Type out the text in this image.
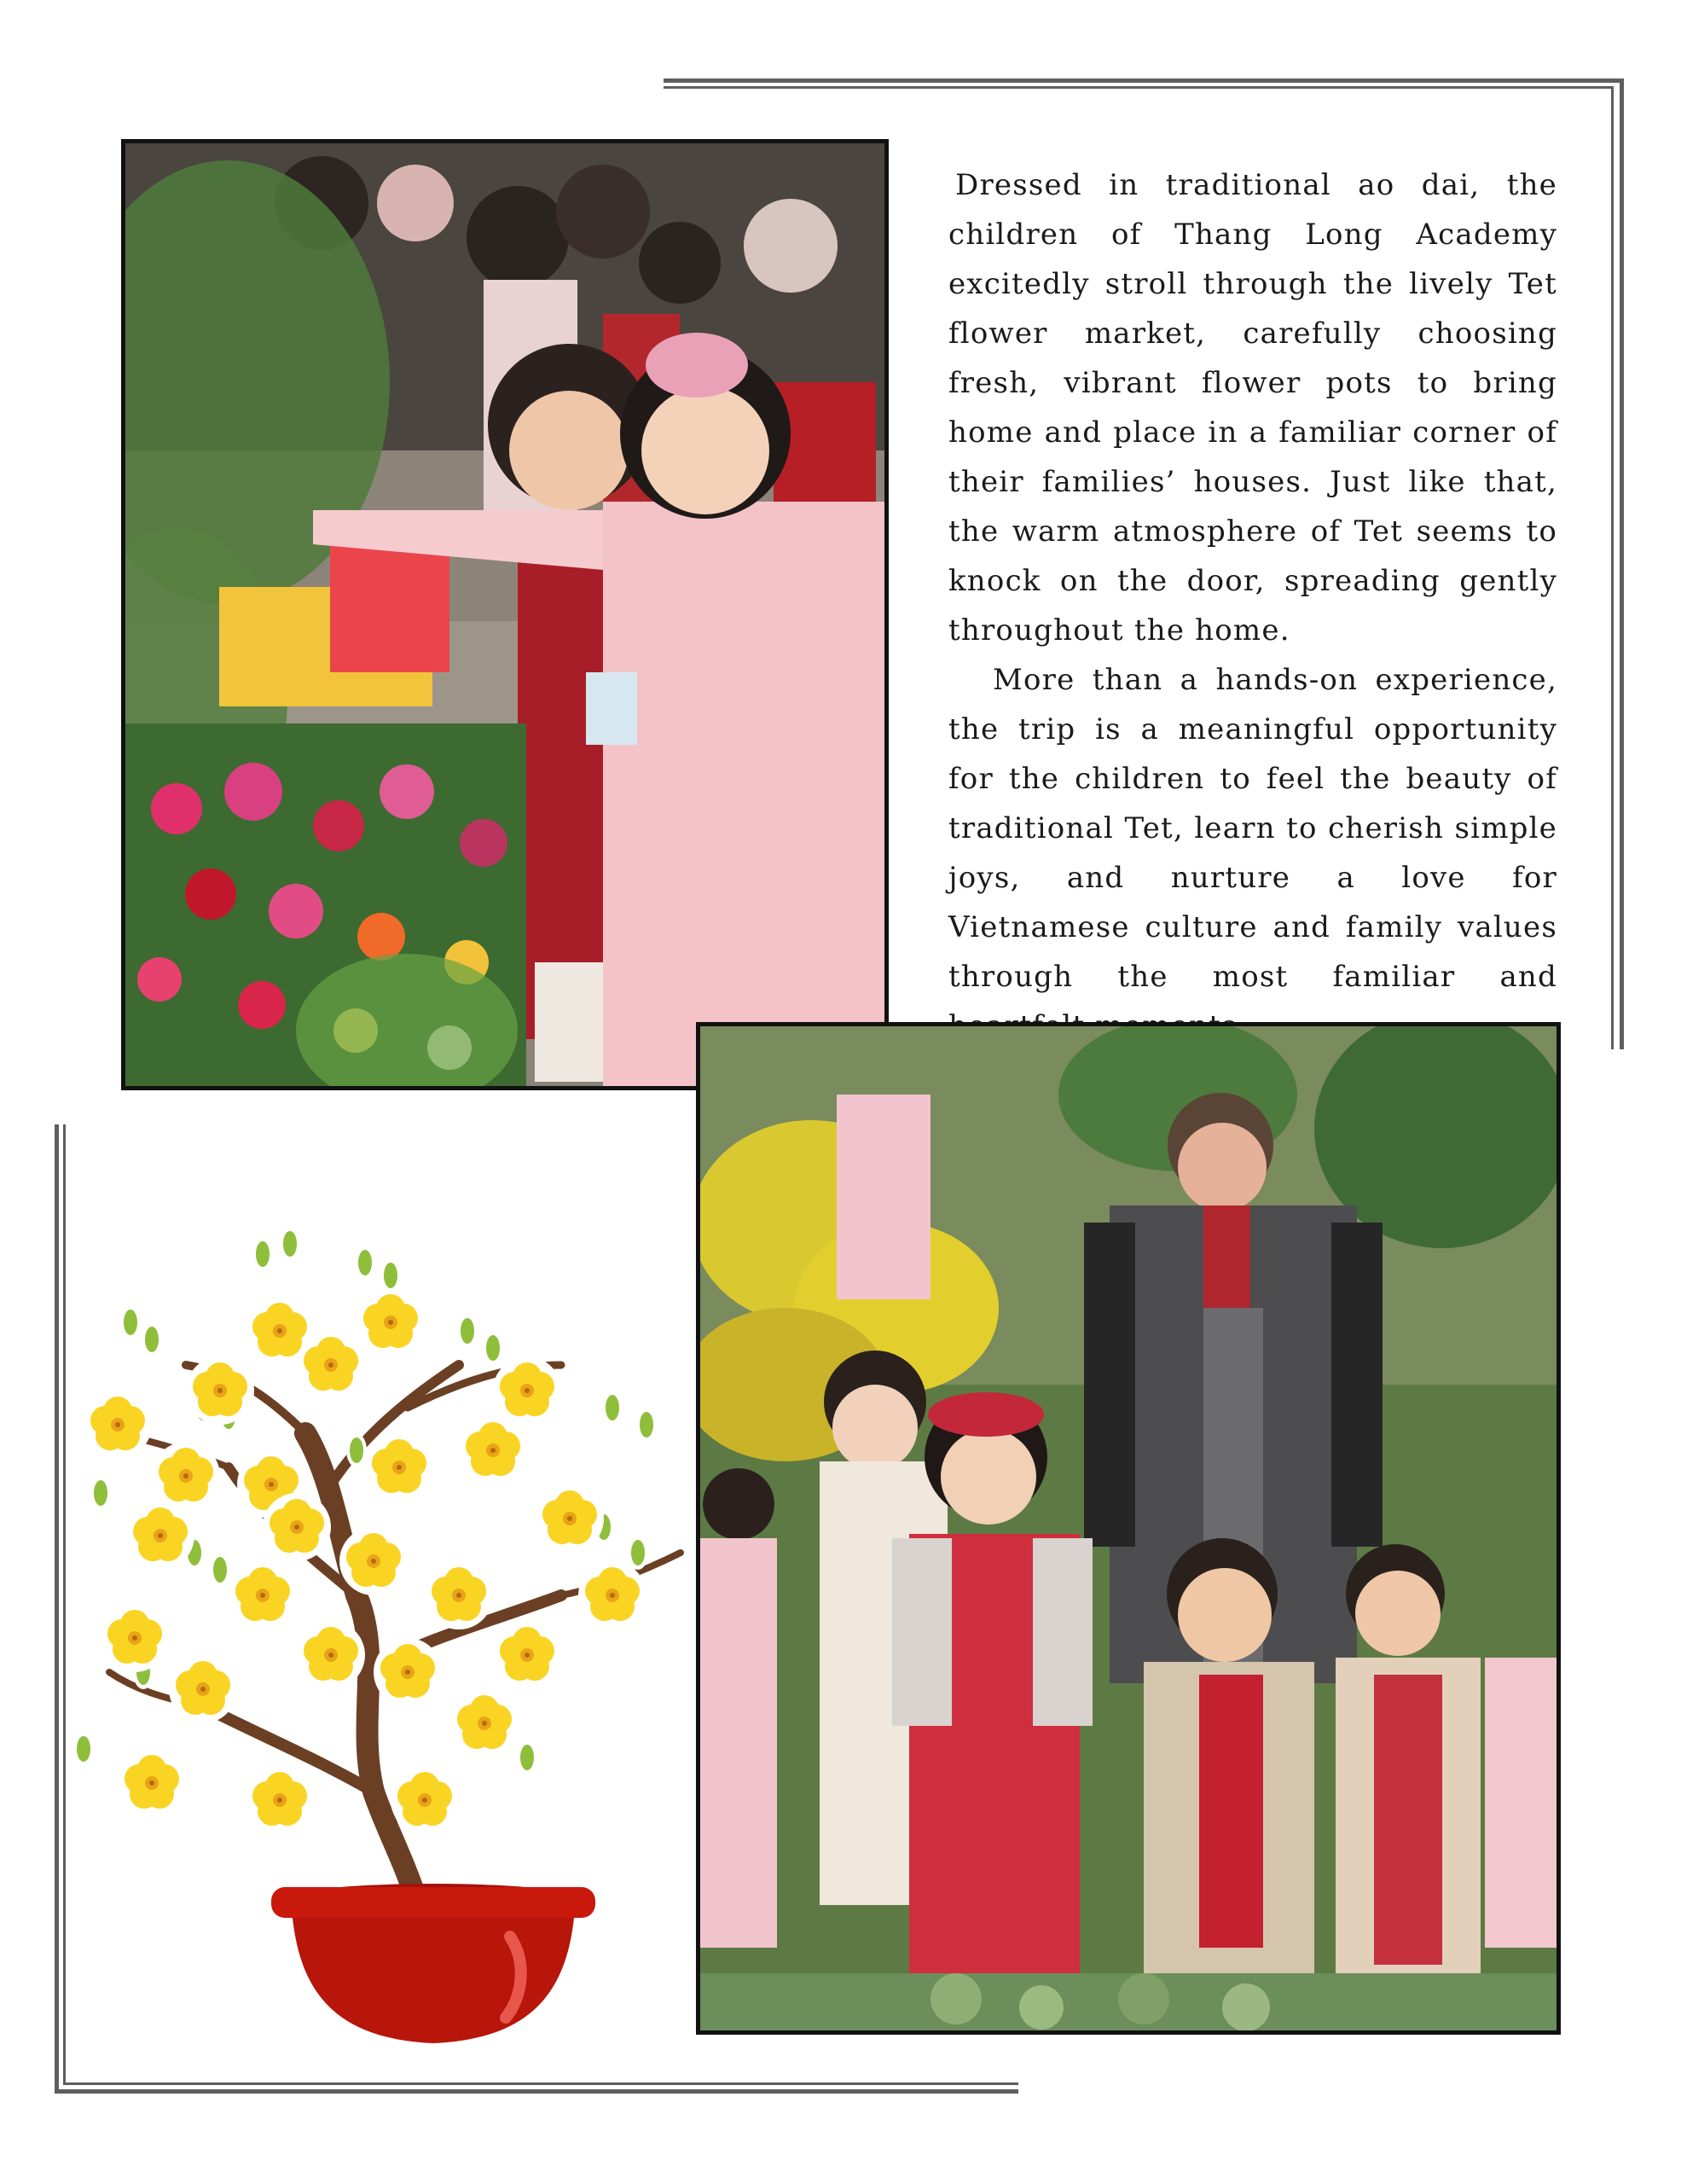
Dressed in traditional ao dai, the children of Thang Long Academy excitedly stroll through the lively Tet flower market, carefully choosing fresh, vibrant flower pots to bring home and place in a familiar corner of their families’ houses. Just like that, the warm atmosphere of Tet seems to knock on the door, spreading gently throughout the home.

More than a hands-on experience, the trip is a meaningful opportunity for the children to feel the beauty of traditional Tet, learn to cherish simple joys, and nurture a love for Vietnamese culture and family values through the most familiar and
